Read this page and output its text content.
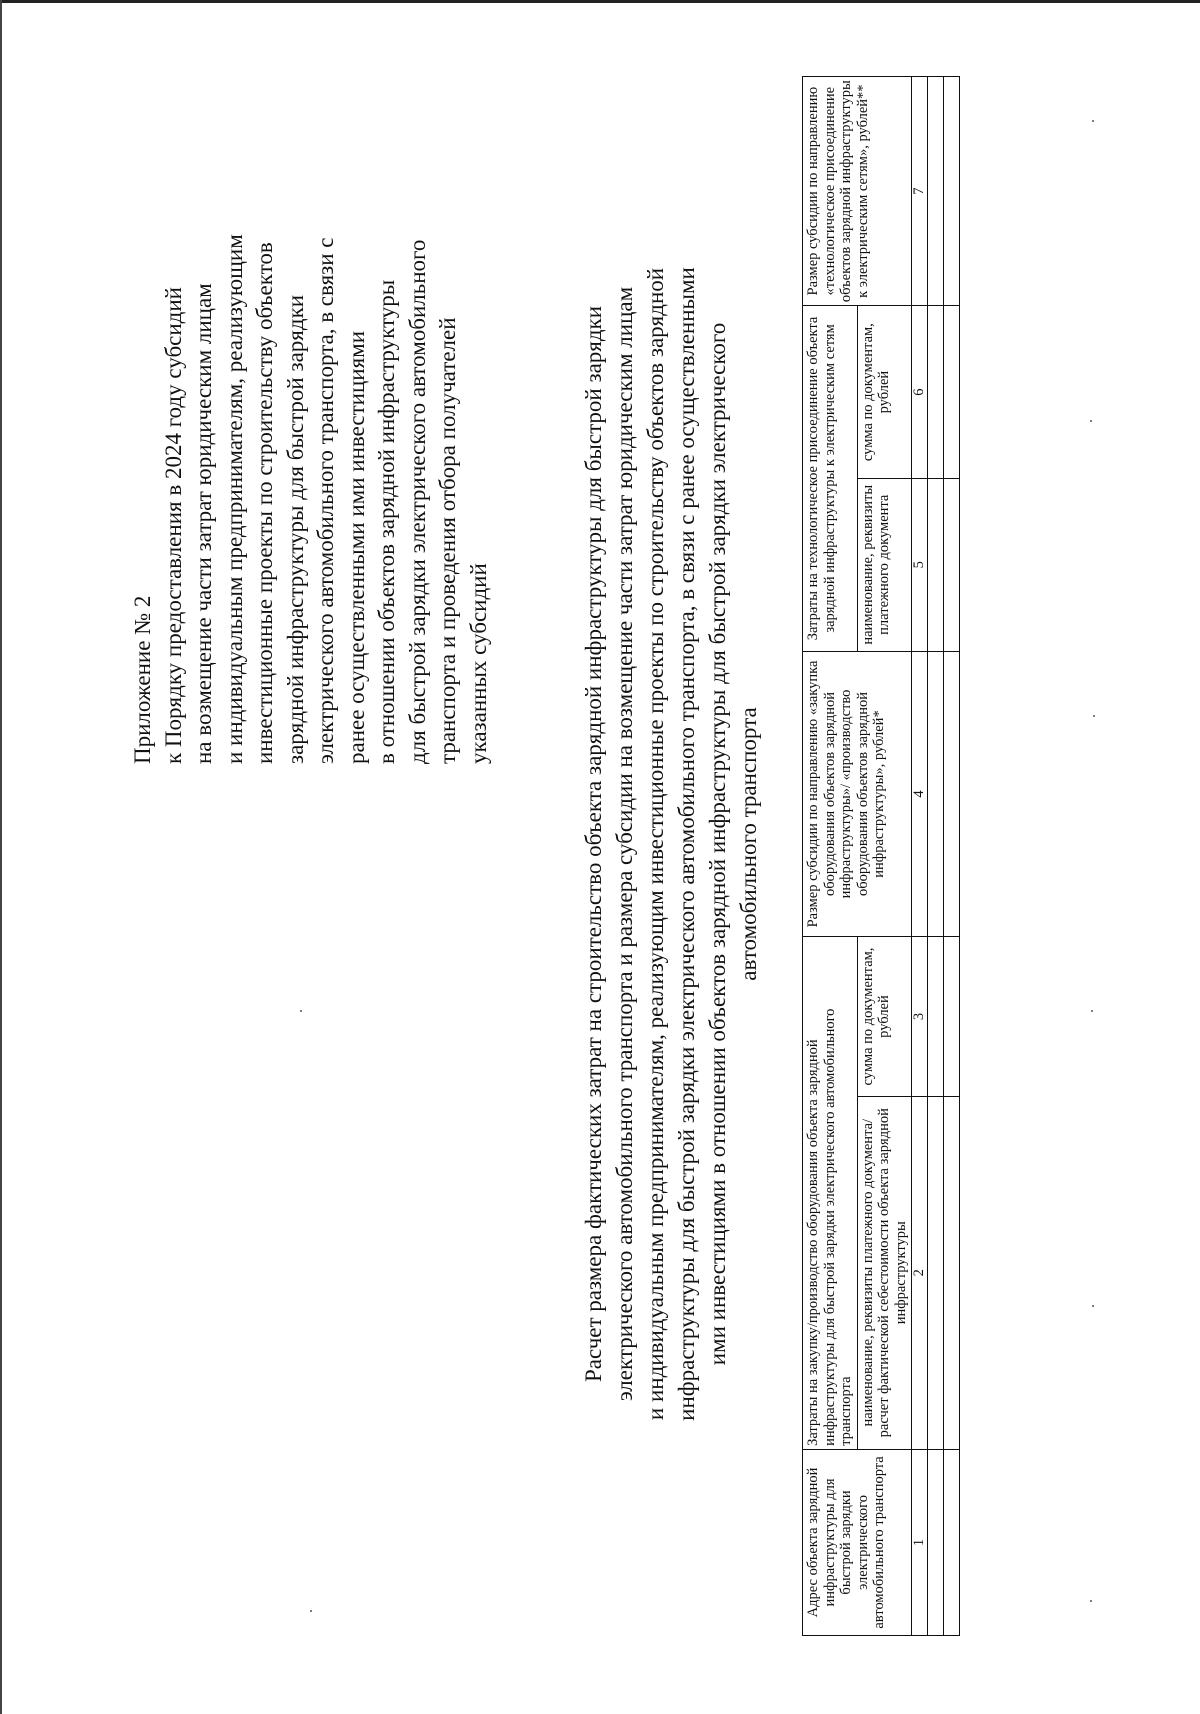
Приложение № 2 к Порядку предоставления в 2024 году субсидий на возмещение части затрат юридическим лицам и индивидуальным предпринимателям, реализующим инвестиционные проекты по строительству объектов зарядной инфраструктуры для быстрой зарядки электрического автомобильного транспорта, в связи с ранее осуществленными ими инвестициями в отношении объектов зарядной инфраструктуры для быстрой зарядки электрического автомобильного транспорта и проведения отбора получателей указанных субсидий	Расчет размера фактических затрат на строительство объекта зарядной инфраструктуры для быстрой зарядки электрического автомобильного транспорта и размера субсидии на возмещение части затрат юридическим лицам и индивидуальным предпринимателям, реализующим инвестиционные проекты по строительству объектов зарядной инфраструктуры для быстрой зарядки электрического автомобильного транспорта, в связи с ранее осуществленными ими инвестициями в отношении объектов зарядной инфраструктуры для быстрой зарядки электрического автомобильного транспорта
Адрес объекта зарядной инфраструктуры для быстрой зарядки электрического автомобильного транспорта	Затраты на закупку/производство оборудования объекта зарядной инфраструктуры для быстрой зарядки электрического автомобильного транспорта		Размер субсидии по направлению «закупка оборудования объектов зарядной инфраструктуры»/ «производство оборудования объектов зарядной инфраструктуры», рублей*	Затраты на технологическое присоединение объекта зарядной инфраструктуры к электрическим сетям		Размер субсидии по направлению «технологическое присоединение объектов зарядной инфраструктуры к электрическим сетям», рублей**
	наименование, реквизиты платежного документа/расчет фактической себестоимости объекта зарядной инфраструктуры	сумма по документам, рублей		наименование, реквизиты платежного документа	сумма по документам, рублей	
1	2	3	4	5	6	7
